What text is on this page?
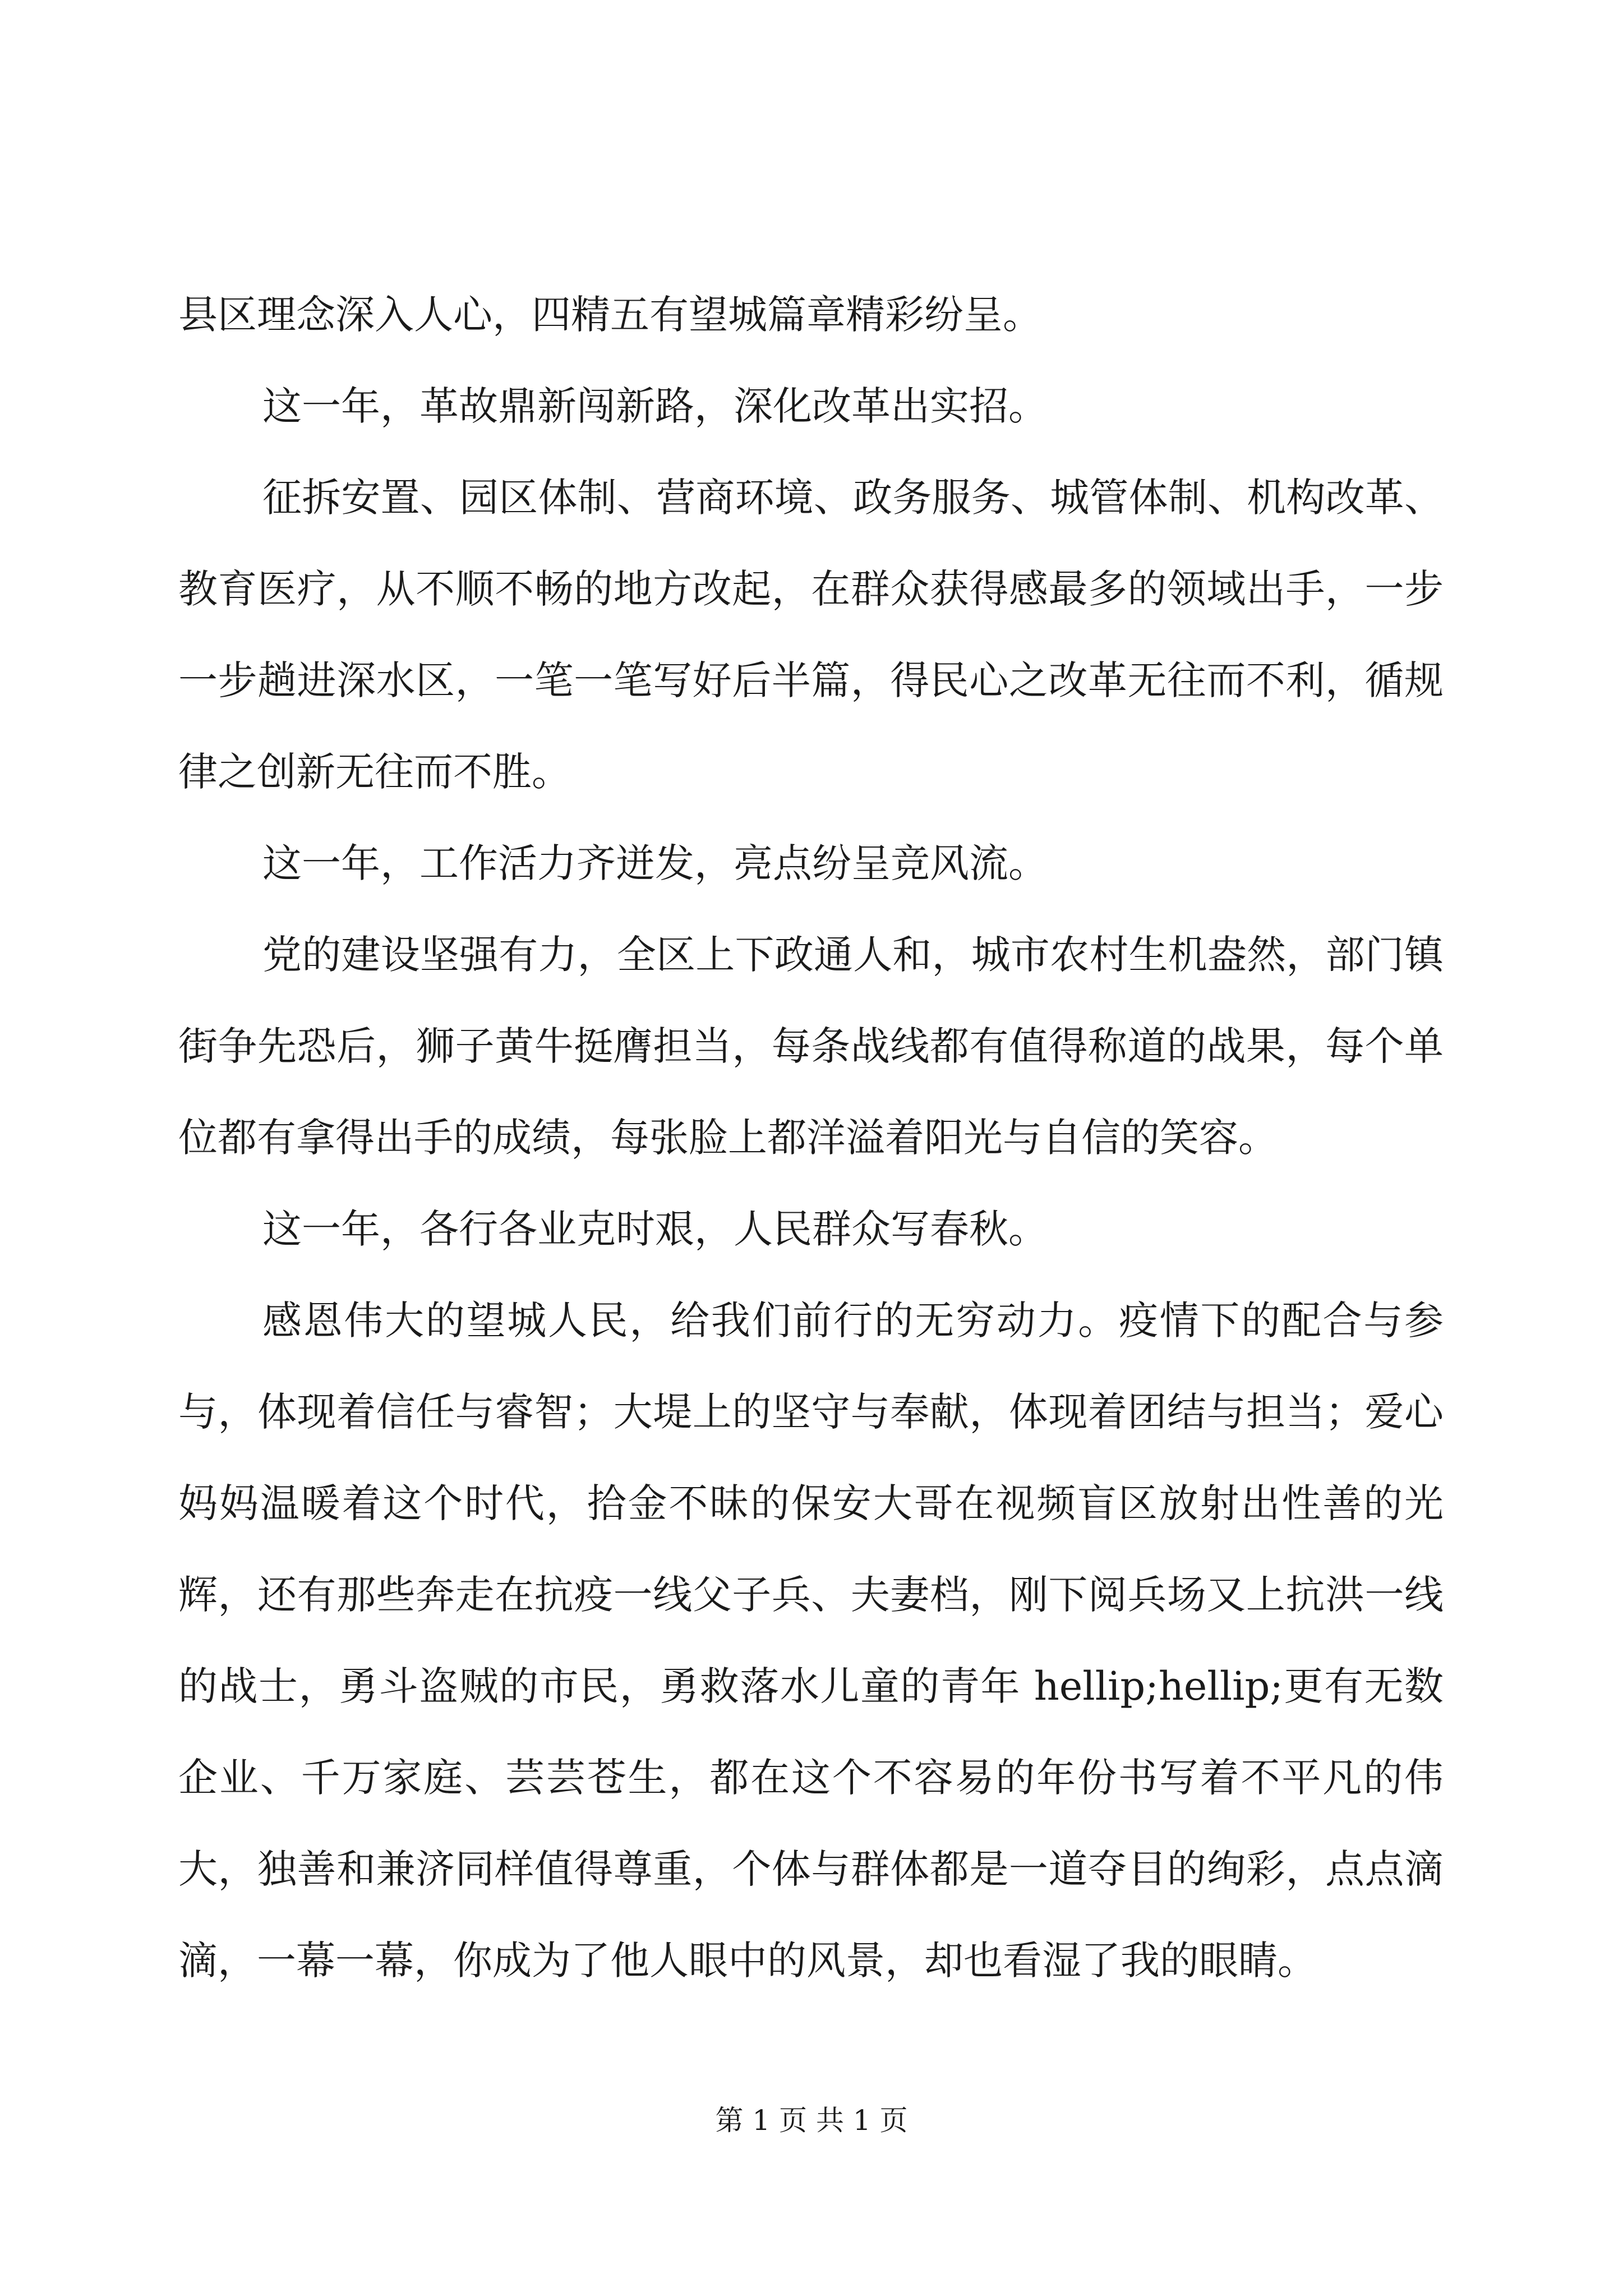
县区理念深入人心，四精五有望城篇章精彩纷呈。

这一年，革故鼎新闯新路，深化改革出实招。

征拆安置、园区体制、营商环境、政务服务、城管体制、机构改革、教育医疗，从不顺不畅的地方改起，在群众获得感最多的领域出手，一步一步趟进深水区，一笔一笔写好后半篇，得民心之改革无往而不利，循规律之创新无往而不胜。

这一年，工作活力齐迸发，亮点纷呈竞风流。

党的建设坚强有力，全区上下政通人和，城市农村生机盎然，部门镇街争先恐后，狮子黄牛挺膺担当，每条战线都有值得称道的战果，每个单位都有拿得出手的成绩，每张脸上都洋溢着阳光与自信的笑容。

这一年，各行各业克时艰，人民群众写春秋。

感恩伟大的望城人民，给我们前行的无穷动力。疫情下的配合与参与，体现着信任与睿智；大堤上的坚守与奉献，体现着团结与担当；爱心妈妈温暖着这个时代，拾金不昧的保安大哥在视频盲区放射出性善的光辉，还有那些奔走在抗疫一线父子兵、夫妻档，刚下阅兵场又上抗洪一线的战士，勇斗盗贼的市民，勇救落水儿童的青年 hellip;hellip;更有无数企业、千万家庭、芸芸苍生，都在这个不容易的年份书写着不平凡的伟大，独善和兼济同样值得尊重，个体与群体都是一道夺目的绚彩，点点滴滴，一幕一幕，你成为了他人眼中的风景，却也看湿了我的眼睛。

第 1 页 共 1 页
